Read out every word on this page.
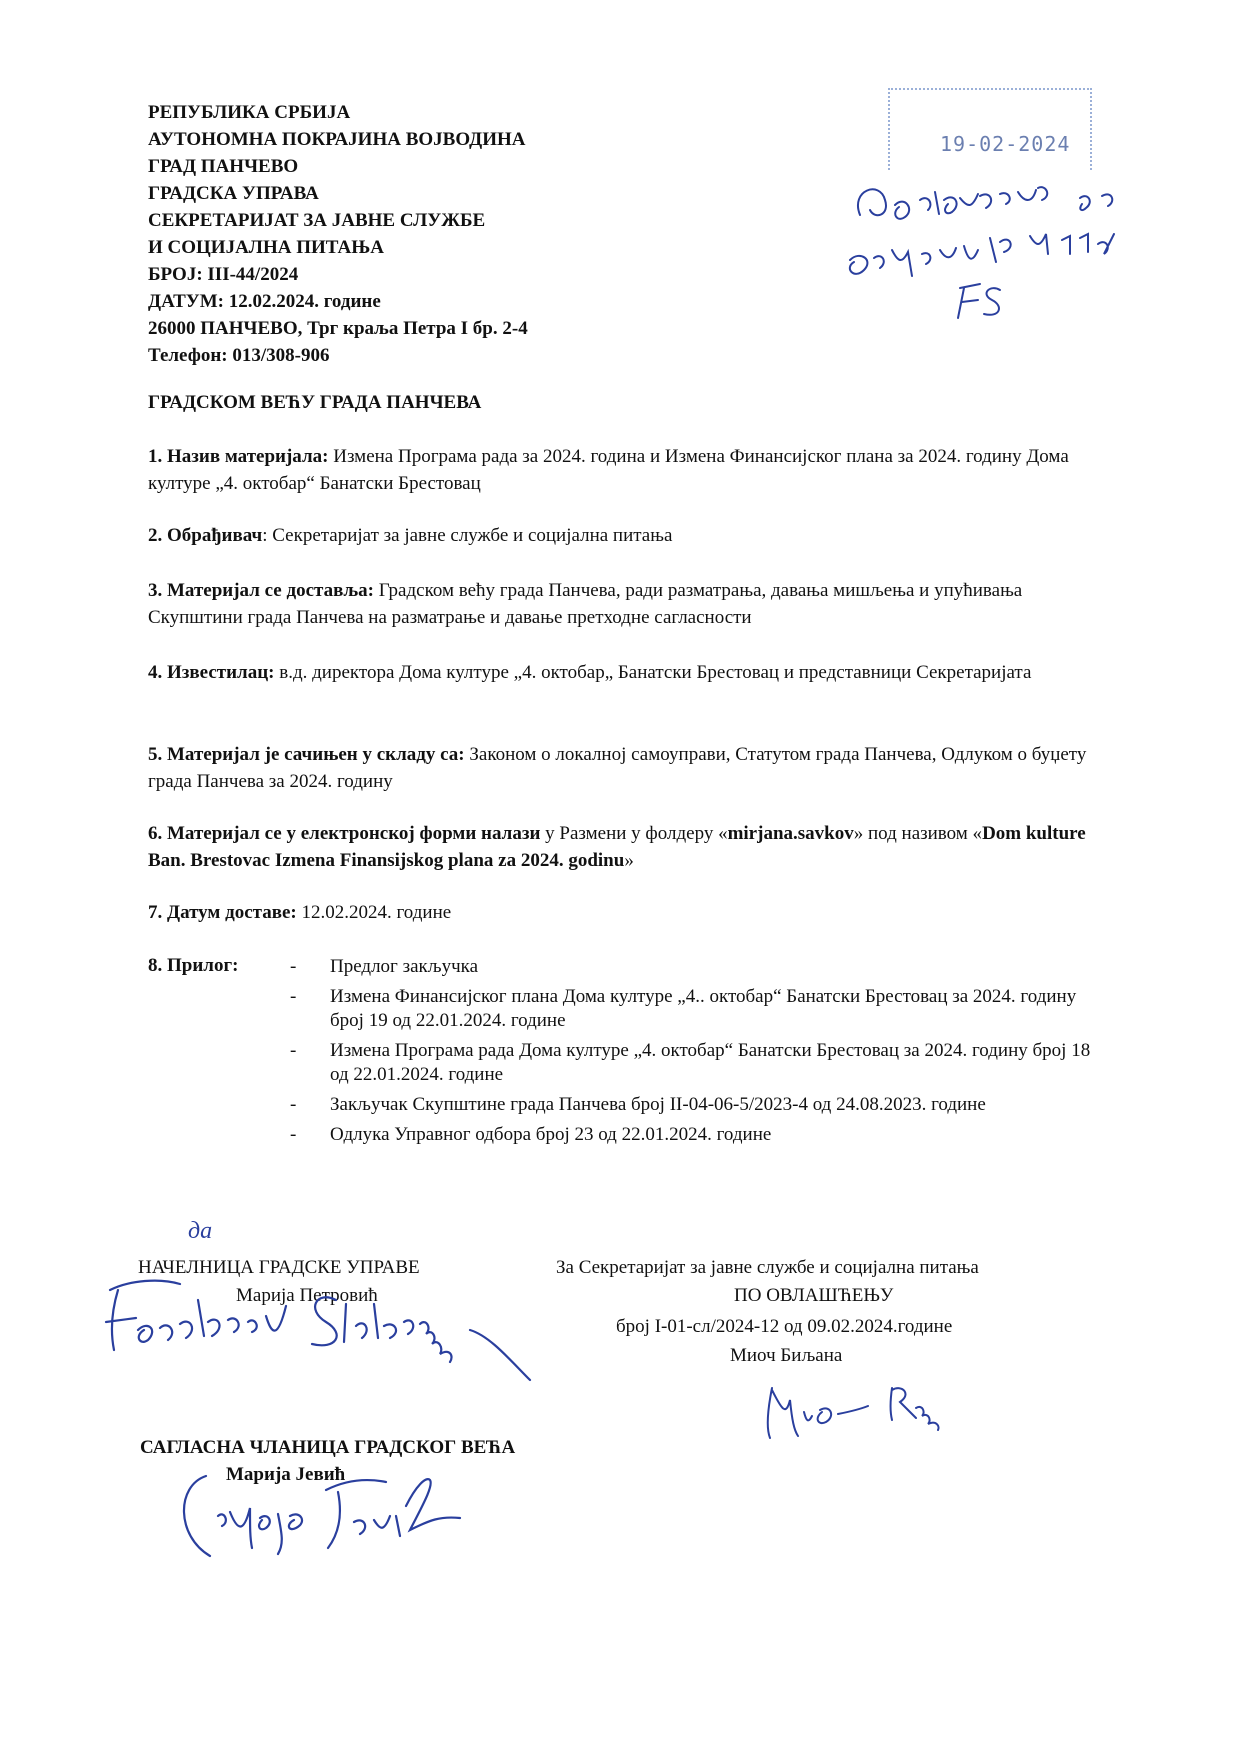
РЕПУБЛИКА СРБИЈА
АУТОНОМНА ПОКРАЈИНА ВОЈВОДИНА
ГРАД ПАНЧЕВО
ГРАДСКА УПРАВА
СЕКРЕТАРИЈАТ ЗА ЈАВНЕ СЛУЖБЕ
И СОЦИЈАЛНА ПИТАЊА
БРОЈ: III-44/2024
ДАТУМ: 12.02.2024. године
26000 ПАНЧЕВО, Трг краља Петра I бр. 2-4
Телефон: 013/308-906
19-02-2024
ГРАДСКОМ ВЕЋУ ГРАДА ПАНЧЕВА
1. Назив материјала: Измена Програма рада за 2024. година и Измена Финансијског плана за 2024. годину Дома културе „4. октобар“ Банатски Брестовац
2. Обрађивач: Секретаријат за јавне службе и социјална питања
3. Материјал се доставља: Градском већу града Панчева, ради разматрања, давања мишљења и упућивања Скупштини града Панчева на разматрање и давање претходне сагласности
4. Известилац: в.д. директора Дома културе „4. октобар„ Банатски Брестовац и представници Секретаријата
5. Материјал је сачињен у складу са: Законом о локалној самоуправи, Статутом града Панчева, Одлуком о буџету града Панчева за 2024. годину
6. Материјал се у електронској форми налази у Размени у фолдеру «mirjana.savkov» под називом «Dom kulture Ban. Brestovac Izmena Finansijskog plana za 2024. godinu»
7. Датум доставе: 12.02.2024. године
8. Прилог:	-	Предлог закључка
-	Измена Финансијског плана Дома културе „4.. октобар“ Банатски Брестовац за 2024. годину број 19 од 22.01.2024. године
-	Измена Програма рада Дома културе „4. октобар“ Банатски Брестовац за 2024. годину број 18 од 22.01.2024. године
-	Закључак Скупштине града Панчева број II-04-06-5/2023-4 од 24.08.2023. године
-	Одлука Управног одбора број 23 од 22.01.2024. године
да
НАЧЕЛНИЦА ГРАДСКЕ УПРАВЕ
Марија Петровић
За Секретаријат за јавне службе и социјална питања
ПО ОВЛАШЋЕЊУ
број I-01-сл/2024-12 од 09.02.2024.године
Миоч Биљана
САГЛАСНА ЧЛАНИЦА ГРАДСКОГ ВЕЋА
Марија Јевић
